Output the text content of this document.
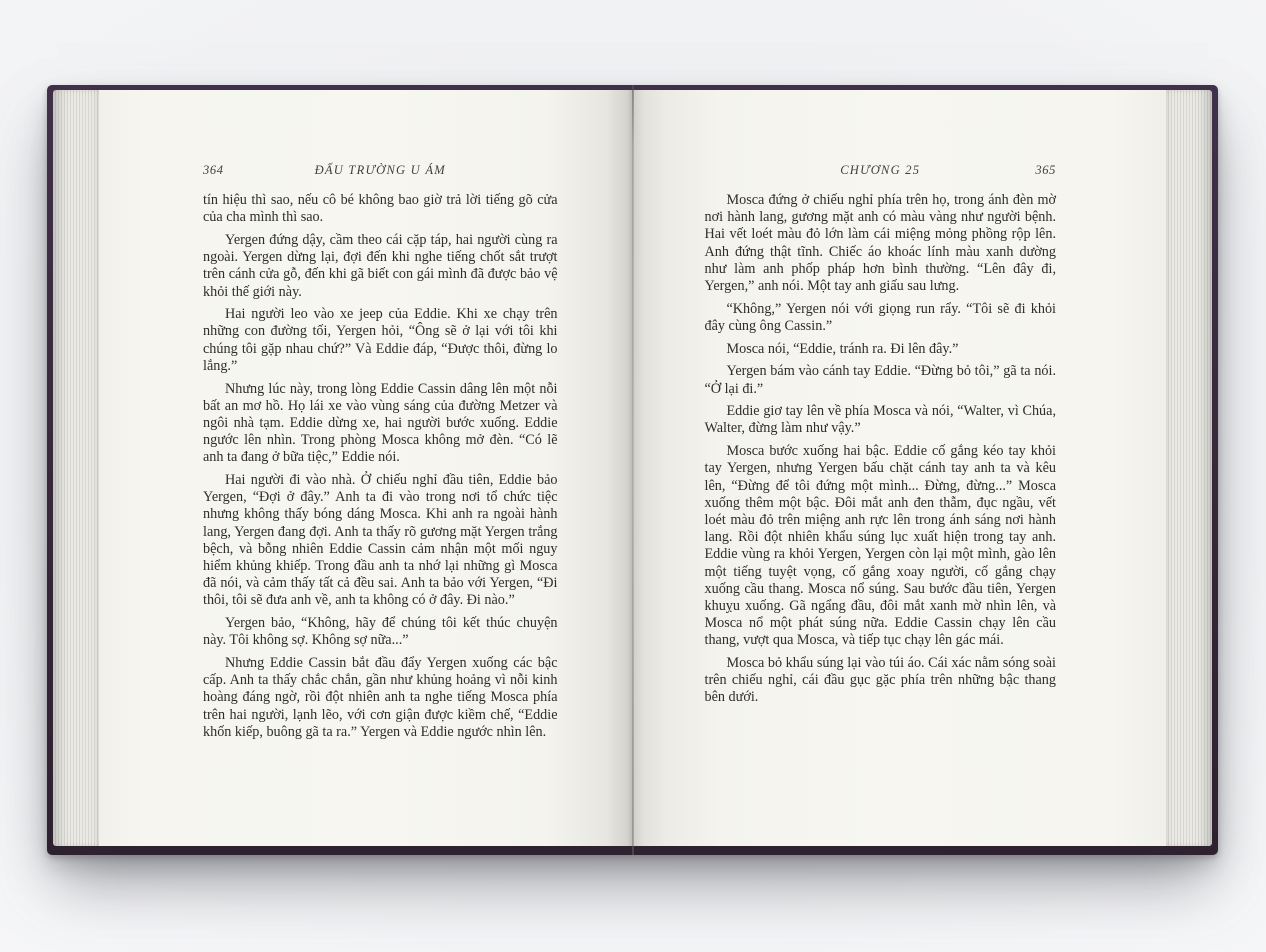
364	ĐẤU TRƯỜNG U ÁM

tín hiệu thì sao, nếu cô bé không bao giờ trả lời tiếng gõ cửa của cha mình thì sao.

Yergen đứng dậy, cầm theo cái cặp táp, hai người cùng ra ngoài. Yergen dừng lại, đợi đến khi nghe tiếng chốt sắt trượt trên cánh cửa gỗ, đến khi gã biết con gái mình đã được bảo vệ khỏi thế giới này.

Hai người leo vào xe jeep của Eddie. Khi xe chạy trên những con đường tối, Yergen hỏi, “Ông sẽ ở lại với tôi khi chúng tôi gặp nhau chứ?” Và Eddie đáp, “Được thôi, đừng lo lắng.”

Nhưng lúc này, trong lòng Eddie Cassin dâng lên một nỗi bất an mơ hồ. Họ lái xe vào vùng sáng của đường Metzer và ngôi nhà tạm. Eddie dừng xe, hai người bước xuống. Eddie ngước lên nhìn. Trong phòng Mosca không mở đèn. “Có lẽ anh ta đang ở bữa tiệc,” Eddie nói.

Hai người đi vào nhà. Ở chiếu nghỉ đầu tiên, Eddie bảo Yergen, “Đợi ở đây.” Anh ta đi vào trong nơi tổ chức tiệc nhưng không thấy bóng dáng Mosca. Khi anh ra ngoài hành lang, Yergen đang đợi. Anh ta thấy rõ gương mặt Yergen trắng bệch, và bỗng nhiên Eddie Cassin cảm nhận một mối nguy hiểm khủng khiếp. Trong đầu anh ta nhớ lại những gì Mosca đã nói, và cảm thấy tất cả đều sai. Anh ta bảo với Yergen, “Đi thôi, tôi sẽ đưa anh về, anh ta không có ở đây. Đi nào.”

Yergen bảo, “Không, hãy để chúng tôi kết thúc chuyện này. Tôi không sợ. Không sợ nữa...”

Nhưng Eddie Cassin bắt đầu đẩy Yergen xuống các bậc cấp. Anh ta thấy chắc chắn, gần như khủng hoảng vì nỗi kinh hoàng đáng ngờ, rồi đột nhiên anh ta nghe tiếng Mosca phía trên hai người, lạnh lẽo, với cơn giận được kiềm chế, “Eddie khốn kiếp, buông gã ta ra.” Yergen và Eddie ngước nhìn lên.

CHƯƠNG 25	365

Mosca đứng ở chiếu nghỉ phía trên họ, trong ánh đèn mờ nơi hành lang, gương mặt anh có màu vàng như người bệnh. Hai vết loét màu đỏ lớn làm cái miệng mỏng phồng rộp lên. Anh đứng thật tĩnh. Chiếc áo khoác lính màu xanh dường như làm anh phốp pháp hơn bình thường. “Lên đây đi, Yergen,” anh nói. Một tay anh giấu sau lưng.

“Không,” Yergen nói với giọng run rẩy. “Tôi sẽ đi khỏi đây cùng ông Cassin.”

Mosca nói, “Eddie, tránh ra. Đi lên đây.”

Yergen bám vào cánh tay Eddie. “Đừng bỏ tôi,” gã ta nói. “Ở lại đi.”

Eddie giơ tay lên về phía Mosca và nói, “Walter, vì Chúa, Walter, đừng làm như vậy.”

Mosca bước xuống hai bậc. Eddie cố gắng kéo tay khỏi tay Yergen, nhưng Yergen bấu chặt cánh tay anh ta và kêu lên, “Đừng để tôi đứng một mình... Đừng, đừng...” Mosca xuống thêm một bậc. Đôi mắt anh đen thẫm, đục ngầu, vết loét màu đỏ trên miệng anh rực lên trong ánh sáng nơi hành lang. Rồi đột nhiên khẩu súng lục xuất hiện trong tay anh. Eddie vùng ra khỏi Yergen, Yergen còn lại một mình, gào lên một tiếng tuyệt vọng, cố gắng xoay người, cố gắng chạy xuống cầu thang. Mosca nổ súng. Sau bước đầu tiên, Yergen khuỵu xuống. Gã ngẩng đầu, đôi mắt xanh mờ nhìn lên, và Mosca nổ một phát súng nữa. Eddie Cassin chạy lên cầu thang, vượt qua Mosca, và tiếp tục chạy lên gác mái.

Mosca bỏ khẩu súng lại vào túi áo. Cái xác nằm sóng soài trên chiếu nghỉ, cái đầu gục gặc phía trên những bậc thang bên dưới.
